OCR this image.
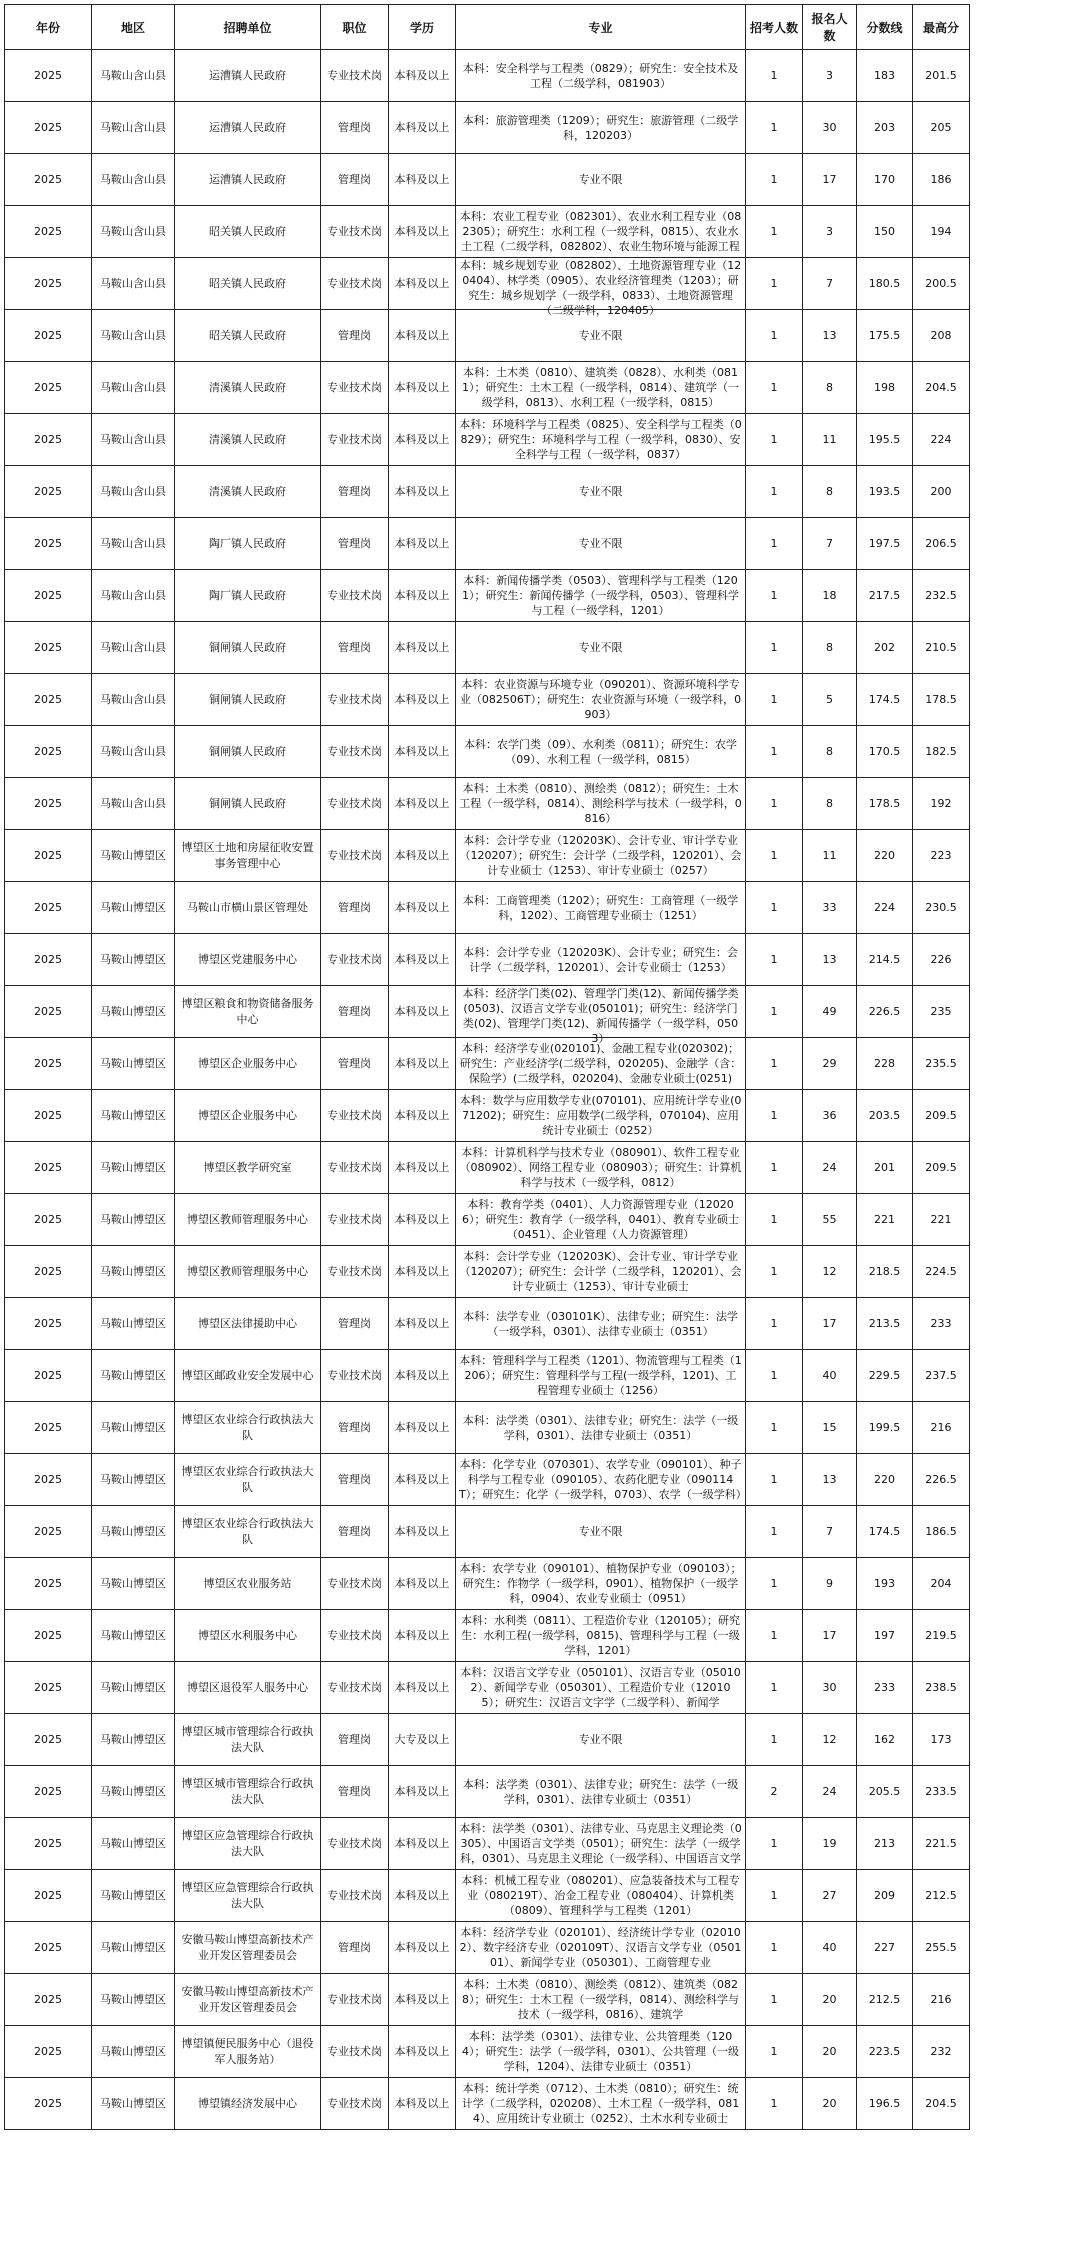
年份	地区	招聘单位	职位	学历	专业	招考人数	报名人数	分数线	最高分

2025	马鞍山含山县	运漕镇人民政府	专业技术岗	本科及以上	本科：安全科学与工程类（0829）；研究生：安全技术及工程（二级学科，081903）	1	3	183	201.5

2025	马鞍山含山县	运漕镇人民政府	管理岗	本科及以上	本科：旅游管理类（1209）；研究生：旅游管理（二级学科，120203）	1	30	203	205

2025	马鞍山含山县	运漕镇人民政府	管理岗	本科及以上	专业不限	1	17	170	186

2025	马鞍山含山县	昭关镇人民政府	专业技术岗	本科及以上	本科：农业工程专业（082301）、农业水利工程专业（082305）；研究生：水利工程（一级学科，0815）、农业水土工程（二级学科，082802）、农业生物环境与能源工程	1	3	150	194

2025	马鞍山含山县	昭关镇人民政府	专业技术岗	本科及以上	本科：城乡规划专业（082802）、土地资源管理专业（120404）、林学类（0905）、农业经济管理类（1203）；研究生：城乡规划学（一级学科，0833）、土地资源管理（二级学科，120405）	1	7	180.5	200.5

2025	马鞍山含山县	昭关镇人民政府	管理岗	本科及以上	专业不限	1	13	175.5	208

2025	马鞍山含山县	清溪镇人民政府	专业技术岗	本科及以上	本科：土木类（0810）、建筑类（0828）、水利类（0811）；研究生：土木工程（一级学科，0814）、建筑学（一级学科，0813）、水利工程（一级学科，0815）	1	8	198	204.5

2025	马鞍山含山县	清溪镇人民政府	专业技术岗	本科及以上	本科：环境科学与工程类（0825）、安全科学与工程类（0829）；研究生：环境科学与工程（一级学科，0830）、安全科学与工程（一级学科，0837）	1	11	195.5	224

2025	马鞍山含山县	清溪镇人民政府	管理岗	本科及以上	专业不限	1	8	193.5	200

2025	马鞍山含山县	陶厂镇人民政府	管理岗	本科及以上	专业不限	1	7	197.5	206.5

2025	马鞍山含山县	陶厂镇人民政府	专业技术岗	本科及以上	本科：新闻传播学类（0503）、管理科学与工程类（1201）；研究生：新闻传播学（一级学科，0503）、管理科学与工程（一级学科，1201）	1	18	217.5	232.5

2025	马鞍山含山县	铜闸镇人民政府	管理岗	本科及以上	专业不限	1	8	202	210.5

2025	马鞍山含山县	铜闸镇人民政府	专业技术岗	本科及以上	本科：农业资源与环境专业（090201）、资源环境科学专业（082506T）；研究生：农业资源与环境（一级学科，0903）	1	5	174.5	178.5

2025	马鞍山含山县	铜闸镇人民政府	专业技术岗	本科及以上	本科：农学门类（09）、水利类（0811）；研究生：农学（09）、水利工程（一级学科，0815）	1	8	170.5	182.5

2025	马鞍山含山县	铜闸镇人民政府	专业技术岗	本科及以上	本科：土木类（0810）、测绘类（0812）；研究生：土木工程（一级学科，0814）、测绘科学与技术（一级学科，0816）	1	8	178.5	192

2025	马鞍山博望区	博望区土地和房屋征收安置事务管理中心	专业技术岗	本科及以上	本科：会计学专业（120203K）、会计专业、审计学专业（120207）；研究生：会计学（二级学科，120201）、会计专业硕士（1253）、审计专业硕士（0257）	1	11	220	223

2025	马鞍山博望区	马鞍山市横山景区管理处	管理岗	本科及以上	本科：工商管理类（1202）；研究生：工商管理（一级学科，1202）、工商管理专业硕士（1251）	1	33	224	230.5

2025	马鞍山博望区	博望区党建服务中心	专业技术岗	本科及以上	本科：会计学专业（120203K）、会计专业；研究生：会计学（二级学科，120201）、会计专业硕士（1253）	1	13	214.5	226

2025	马鞍山博望区	博望区粮食和物资储备服务中心	管理岗	本科及以上	本科：经济学门类(02)、管理学门类(12)、新闻传播学类(0503)、汉语言文学专业(050101)；研究生：经济学门类(02)、管理学门类(12)、新闻传播学（一级学科，0503）	1	49	226.5	235

2025	马鞍山博望区	博望区企业服务中心	管理岗	本科及以上	本科：经济学专业(020101)、金融工程专业(020302)；研究生：产业经济学(二级学科，020205)、金融学（含：保险学）(二级学科，020204)、金融专业硕士(0251)	1	29	228	235.5

2025	马鞍山博望区	博望区企业服务中心	专业技术岗	本科及以上	本科：数学与应用数学专业(070101)、应用统计学专业(071202)；研究生：应用数学(二级学科，070104)、应用统计专业硕士（0252）	1	36	203.5	209.5

2025	马鞍山博望区	博望区教学研究室	专业技术岗	本科及以上	本科：计算机科学与技术专业（080901）、软件工程专业（080902）、网络工程专业（080903）；研究生：计算机科学与技术（一级学科，0812）	1	24	201	209.5

2025	马鞍山博望区	博望区教师管理服务中心	专业技术岗	本科及以上	本科：教育学类（0401）、人力资源管理专业（120206）；研究生：教育学（一级学科，0401）、教育专业硕士（0451）、企业管理（人力资源管理）	1	55	221	221

2025	马鞍山博望区	博望区教师管理服务中心	专业技术岗	本科及以上	本科：会计学专业（120203K）、会计专业、审计学专业（120207）；研究生：会计学（二级学科，120201）、会计专业硕士（1253）、审计专业硕士	1	12	218.5	224.5

2025	马鞍山博望区	博望区法律援助中心	管理岗	本科及以上	本科：法学专业（030101K）、法律专业；研究生：法学（一级学科，0301）、法律专业硕士（0351）	1	17	213.5	233

2025	马鞍山博望区	博望区邮政业安全发展中心	专业技术岗	本科及以上	本科：管理科学与工程类（1201）、物流管理与工程类（1206）；研究生：管理科学与工程(一级学科，1201)、工程管理专业硕士（1256）	1	40	229.5	237.5

2025	马鞍山博望区	博望区农业综合行政执法大队	管理岗	本科及以上	本科：法学类（0301）、法律专业；研究生：法学（一级学科，0301）、法律专业硕士（0351）	1	15	199.5	216

2025	马鞍山博望区	博望区农业综合行政执法大队	管理岗	本科及以上	本科：化学专业（070301）、农学专业（090101）、种子科学与工程专业（090105）、农药化肥专业（090114T）；研究生：化学（一级学科，0703）、农学（一级学科）	1	13	220	226.5

2025	马鞍山博望区	博望区农业综合行政执法大队	管理岗	本科及以上	专业不限	1	7	174.5	186.5

2025	马鞍山博望区	博望区农业服务站	专业技术岗	本科及以上	本科：农学专业（090101）、植物保护专业（090103）；研究生：作物学（一级学科，0901）、植物保护（一级学科，0904）、农业专业硕士（0951）	1	9	193	204

2025	马鞍山博望区	博望区水利服务中心	专业技术岗	本科及以上	本科：水利类（0811）、工程造价专业（120105）；研究生：水利工程(一级学科，0815)、管理科学与工程（一级学科，1201）	1	17	197	219.5

2025	马鞍山博望区	博望区退役军人服务中心	专业技术岗	本科及以上	本科：汉语言文学专业（050101）、汉语言专业（050102）、新闻学专业（050301）、工程造价专业（120105）；研究生：汉语言文字学（二级学科）、新闻学	1	30	233	238.5

2025	马鞍山博望区	博望区城市管理综合行政执法大队	管理岗	大专及以上	专业不限	1	12	162	173

2025	马鞍山博望区	博望区城市管理综合行政执法大队	管理岗	本科及以上	本科：法学类（0301）、法律专业；研究生：法学（一级学科，0301）、法律专业硕士（0351）	2	24	205.5	233.5

2025	马鞍山博望区	博望区应急管理综合行政执法大队	专业技术岗	本科及以上	本科：法学类（0301）、法律专业、马克思主义理论类（0305）、中国语言文学类（0501）；研究生：法学（一级学科，0301）、马克思主义理论（一级学科）、中国语言文学	1	19	213	221.5

2025	马鞍山博望区	博望区应急管理综合行政执法大队	专业技术岗	本科及以上	本科：机械工程专业（080201）、应急装备技术与工程专业（080219T）、冶金工程专业（080404）、计算机类（0809）、管理科学与工程类（1201）	1	27	209	212.5

2025	马鞍山博望区	安徽马鞍山博望高新技术产业开发区管理委员会	管理岗	本科及以上	本科：经济学专业（020101）、经济统计学专业（020102）、数字经济专业（020109T）、汉语言文学专业（050101）、新闻学专业（050301）、工商管理专业	1	40	227	255.5

2025	马鞍山博望区	安徽马鞍山博望高新技术产业开发区管理委员会	专业技术岗	本科及以上	本科：土木类（0810）、测绘类（0812）、建筑类（0828）；研究生：土木工程（一级学科，0814）、测绘科学与技术（一级学科，0816）、建筑学	1	20	212.5	216

2025	马鞍山博望区	博望镇便民服务中心（退役军人服务站）	专业技术岗	本科及以上	本科：法学类（0301）、法律专业、公共管理类（1204）；研究生：法学（一级学科，0301）、公共管理（一级学科，1204）、法律专业硕士（0351）	1	20	223.5	232

2025	马鞍山博望区	博望镇经济发展中心	专业技术岗	本科及以上	本科：统计学类（0712）、土木类（0810）；研究生：统计学（二级学科，020208）、土木工程（一级学科，0814）、应用统计专业硕士（0252）、土木水利专业硕士	1	20	196.5	204.5
